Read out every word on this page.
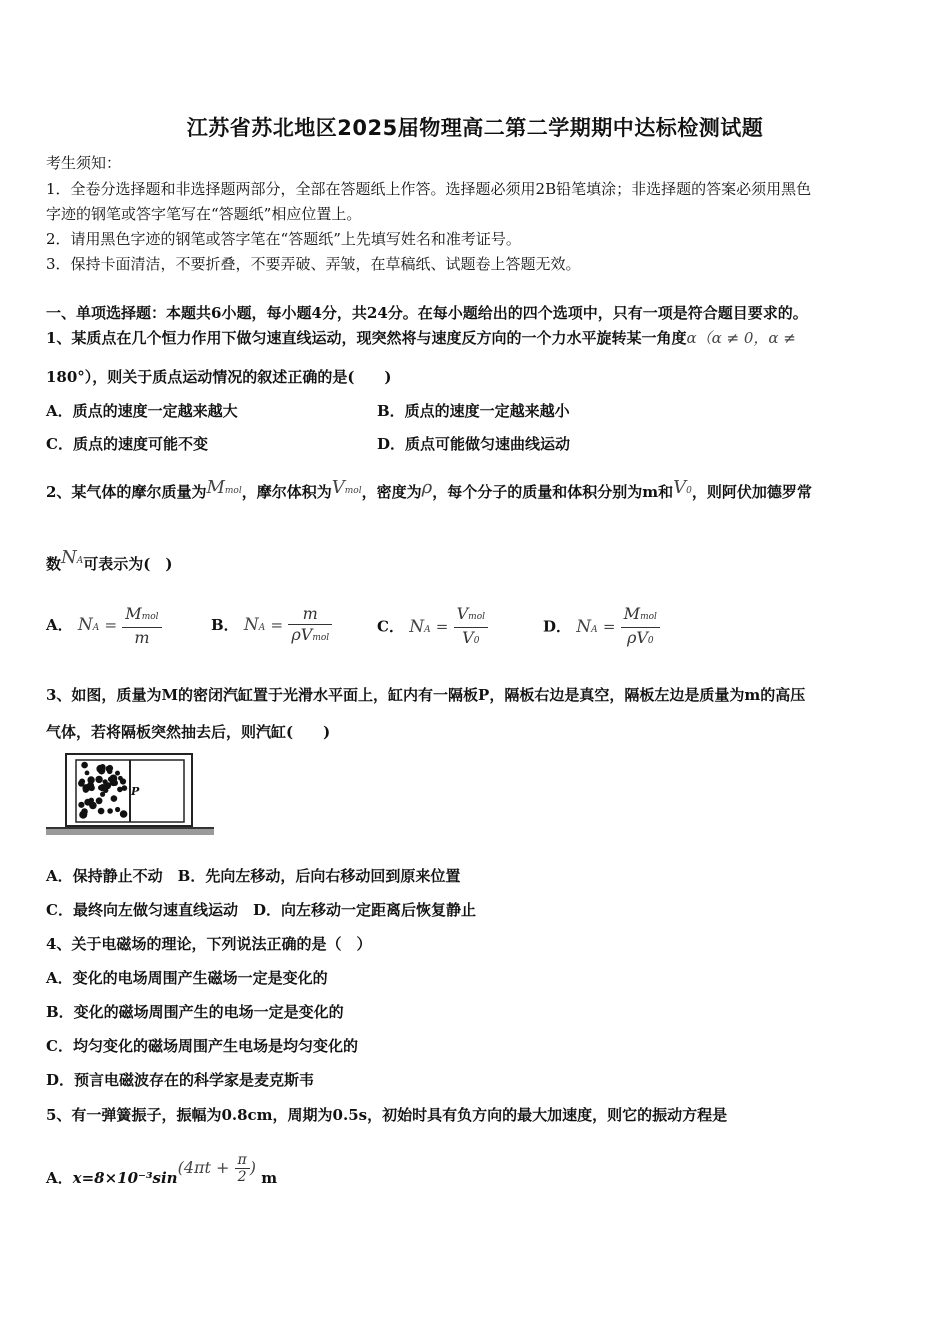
江苏省苏北地区2025届物理高二第二学期期中达标检测试题
考生须知：
1．全卷分选择题和非选择题两部分，全部在答题纸上作答。选择题必须用2B铅笔填涂；非选择题的答案必须用黑色
字迹的钢笔或答字笔写在“答题纸”相应位置上。
2．请用黑色字迹的钢笔或答字笔在“答题纸”上先填写姓名和准考证号。
3．保持卡面清洁，不要折叠，不要弄破、弄皱，在草稿纸、试题卷上答题无效。
一、单项选择题：本题共6小题，每小题4分，共24分。在每小题给出的四个选项中，只有一项是符合题目要求的。
1、某质点在几个恒力作用下做匀速直线运动，现突然将与速度反方向的一个力水平旋转某一角度α（α ≠ 0，α ≠
180°），则关于质点运动情况的叙述正确的是(　　)
A．质点的速度一定越来越大	B．质点的速度一定越来越小
C．质点的速度可能不变	D．质点可能做匀速曲线运动
2、某气体的摩尔质量为Mmol，摩尔体积为Vmol，密度为ρ，每个分子的质量和体积分别为m和V0，则阿伏加德罗常
数NA可表示为(　)
A． NA = $\frac{\text{Mmol}}{m}$	B． NA = $\frac{m}{\text{ρVmol}}$	C． NA = $\frac{\text{Vmol}}{V0}$	D． NA = $\frac{\text{Mmol}}{\rho V0}$
3、如图，质量为M的密闭汽缸置于光滑水平面上，缸内有一隔板P，隔板右边是真空，隔板左边是质量为m的高压
气体，若将隔板突然抽去后，则汽缸(　　)
P
A．保持静止不动　B．先向左移动，后向右移动回到原来位置
C．最终向左做匀速直线运动　D．向左移动一定距离后恢复静止
4、关于电磁场的理论，下列说法正确的是（　）
A．变化的电场周围产生磁场一定是变化的
B．变化的磁场周围产生的电场一定是变化的
C．均匀变化的磁场周围产生电场是均匀变化的
D．预言电磁波存在的科学家是麦克斯韦
5、有一弹簧振子，振幅为0.8cm，周期为0.5s，初始时具有负方向的最大加速度，则它的振动方程是
A．$x=8\times 10^{-3}\sin(4\pi t + \frac{\pi}{2}$ ) m
